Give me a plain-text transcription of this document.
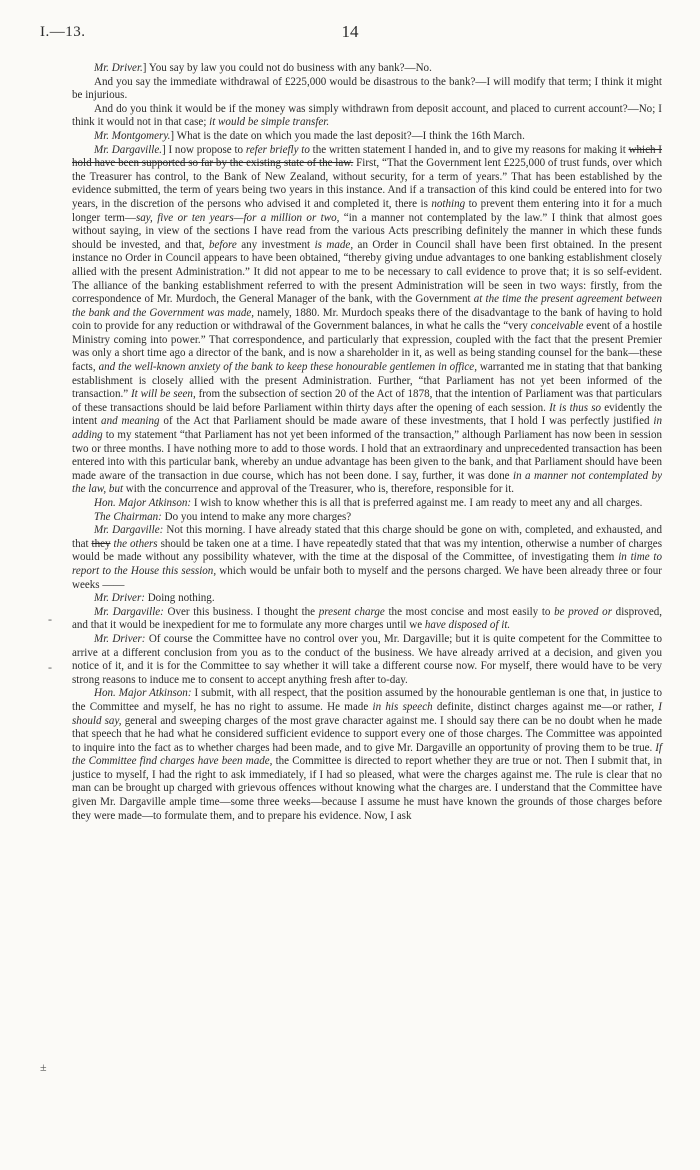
I.—13.	14

Mr. Driver.] You say by law you could not do business with any bank?—No.

And you say the immediate withdrawal of £225,000 would be disastrous to the bank?—I will modify that term; I think it might be injurious.

And do you think it would be if the money was simply withdrawn from deposit account, and placed to current account?—No; I think it would not in that case; it would be simple transfer.

Mr. Montgomery.] What is the date on which you made the last deposit?—I think the 16th March.

Mr. Dargaville.] I now propose to refer briefly to the written statement I handed in, and to give my reasons for making it which I hold have been supported so far by the existing state of the law. First, “That the Government lent £225,000 of trust funds, over which the Treasurer has control, to the Bank of New Zealand, without security, for a term of years.” That has been established by the evidence submitted, the term of years being two years in this instance. And if a transaction of this kind could be entered into for two years, in the discretion of the persons who advised it and completed it, there is nothing to prevent them entering into it for a much longer term—say, five or ten years—for a million or two, “in a manner not contemplated by the law.” I think that almost goes without saying, in view of the sections I have read from the various Acts prescribing definitely the manner in which these funds should be invested, and that, before any investment is made, an Order in Council shall have been first obtained. In the present instance no Order in Council appears to have been obtained, “thereby giving undue advantages to one banking establishment closely allied with the present Administration.” It did not appear to me to be necessary to call evidence to prove that; it is so self-evident. The alliance of the banking establishment referred to with the present Administration will be seen in two ways: firstly, from the correspondence of Mr. Murdoch, the General Manager of the bank, with the Government at the time the present agreement between the bank and the Government was made, namely, 1880. Mr. Murdoch speaks there of the disadvantage to the bank of having to hold coin to provide for any reduction or withdrawal of the Government balances, in what he calls the “very conceivable event of a hostile Ministry coming into power.” That correspondence, and particularly that expression, coupled with the fact that the present Premier was only a short time ago a director of the bank, and is now a shareholder in it, as well as being standing counsel for the bank—these facts, and the well-known anxiety of the bank to keep these honourable gentlemen in office, warranted me in stating that that banking establishment is closely allied with the present Administration. Further, “that Parliament has not yet been informed of the transaction.” It will be seen, from the subsection of section 20 of the Act of 1878, that the intention of Parliament was that particulars of these transactions should be laid before Parliament within thirty days after the opening of each session. It is thus so evidently the intent and meaning of the Act that Parliament should be made aware of these investments, that I hold I was perfectly justified in adding to my statement “that Parliament has not yet been informed of the transaction,” although Parliament has now been in session two or three months. I have nothing more to add to those words. I hold that an extraordinary and unprecedented transaction has been entered into with this particular bank, whereby an undue advantage has been given to the bank, and that Parliament should have been made aware of the transaction in due course, which has not been done. I say, further, it was done in a manner not contemplated by the law, but with the concurrence and approval of the Treasurer, who is, therefore, responsible for it.

Hon. Major Atkinson: I wish to know whether this is all that is preferred against me. I am ready to meet any and all charges.

The Chairman: Do you intend to make any more charges?

Mr. Dargaville: Not this morning. I have already stated that this charge should be gone on with, completed, and exhausted, and that they the others should be taken one at a time. I have repeatedly stated that that was my intention, otherwise a number of charges would be made without any possibility whatever, with the time at the disposal of the Committee, of investigating them in time to report to the House this session, which would be unfair both to myself and the persons charged. We have been already three or four weeks ——

Mr. Driver: Doing nothing.

Mr. Dargaville: Over this business. I thought the present charge the most concise and most easily to be proved or disproved, and that it would be inexpedient for me to formulate any more charges until we have disposed of it.

Mr. Driver: Of course the Committee have no control over you, Mr. Dargaville; but it is quite competent for the Committee to arrive at a different conclusion from you as to the conduct of the business. We have already arrived at a decision, and given you notice of it, and it is for the Committee to say whether it will take a different course now. For myself, there would have to be very strong reasons to induce me to consent to accept anything fresh after to-day.

Hon. Major Atkinson: I submit, with all respect, that the position assumed by the honourable gentleman is one that, in justice to the Committee and myself, he has no right to assume. He made in his speech definite, distinct charges against me—or rather, I should say, general and sweeping charges of the most grave character against me. I should say there can be no doubt when he made that speech that he had what he considered sufficient evidence to support every one of those charges. The Committee was appointed to inquire into the fact as to whether charges had been made, and to give Mr. Dargaville an opportunity of proving them to be true. If the Committee find charges have been made, the Committee is directed to report whether they are true or not. Then I submit that, in justice to myself, I had the right to ask immediately, if I had so pleased, what were the charges against me. The rule is clear that no man can be brought up charged with grievous offences without knowing what the charges are. I understand that the Committee have given Mr. Dargaville ample time—some three weeks—because I assume he must have known the grounds of those charges before they were made—to formulate them, and to prepare his evidence. Now, I ask

-
-
±
